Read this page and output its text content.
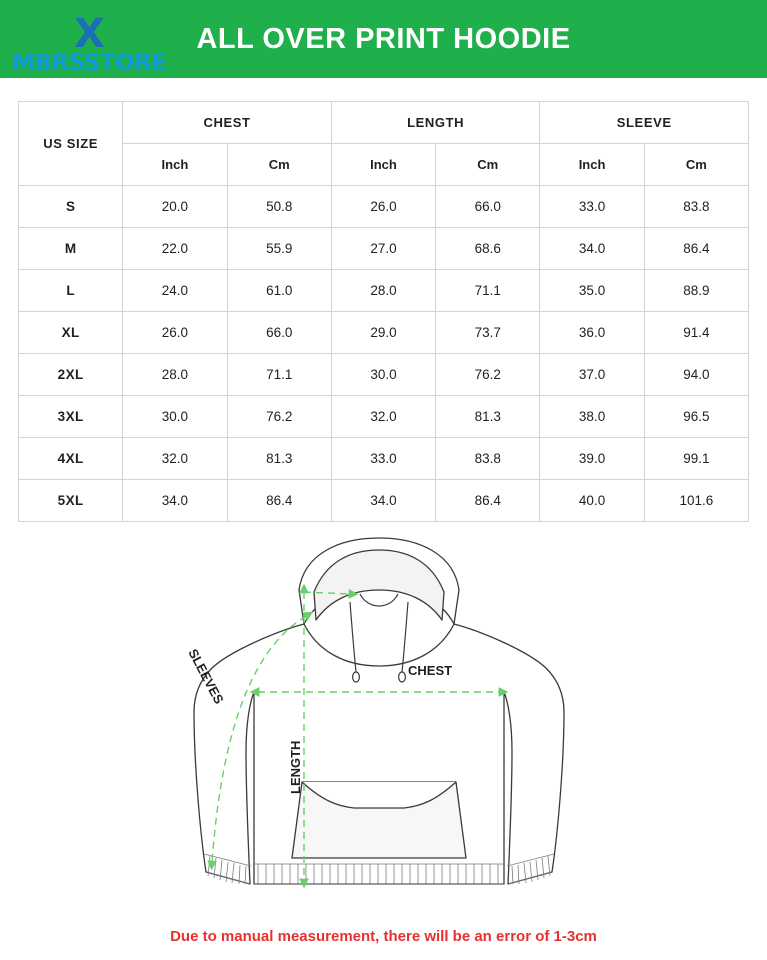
X
MBRSSTORE
ALL OVER PRINT HOODIE
US SIZE	CHEST		LENGTH		SLEEVE	
	Inch	Cm	Inch	Cm	Inch	Cm
S	20.0	50.8	26.0	66.0	33.0	83.8
M	22.0	55.9	27.0	68.6	34.0	86.4
L	24.0	61.0	28.0	71.1	35.0	88.9
XL	26.0	66.0	29.0	73.7	36.0	91.4
2XL	28.0	71.1	30.0	76.2	37.0	94.0
3XL	30.0	76.2	32.0	81.3	38.0	96.5
4XL	32.0	81.3	33.0	83.8	39.0	99.1
5XL	34.0	86.4	34.0	86.4	40.0	101.6
CHEST
LENGTH
SLEEVES
Due to manual measurement, there will be an error of 1-3cm
